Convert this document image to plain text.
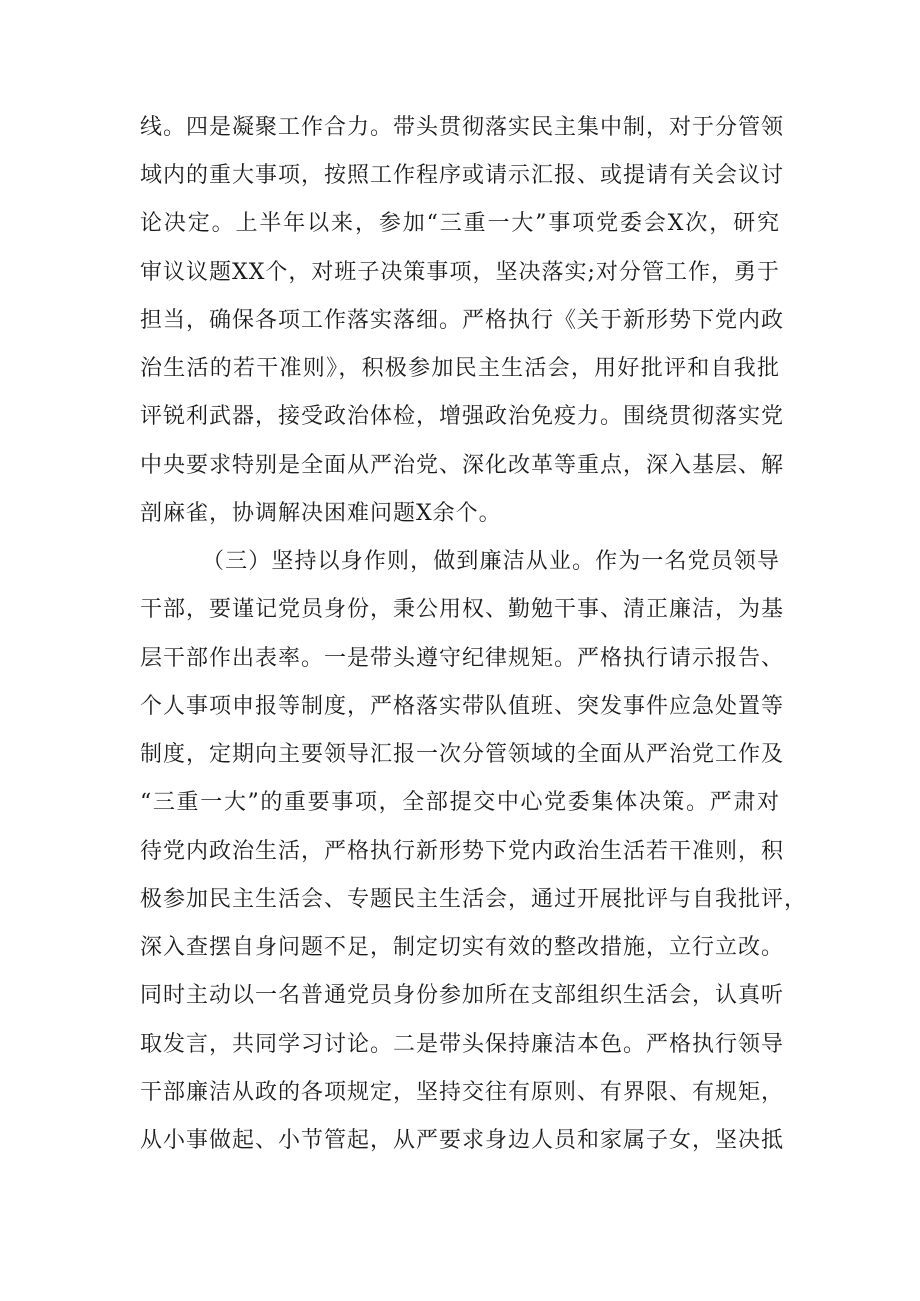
线。四是凝聚工作合力。带头贯彻落实民主集中制，对于分管领
域内的重大事项，按照工作程序或请示汇报、或提请有关会议讨
论决定。上半年以来，参加“三重一大”事项党委会X次，研究
审议议题XX个，对班子决策事项，坚决落实;对分管工作，勇于
担当，确保各项工作落实落细。严格执行《关于新形势下党内政
治生活的若干准则》，积极参加民主生活会，用好批评和自我批
评锐利武器，接受政治体检，增强政治免疫力。围绕贯彻落实党
中央要求特别是全面从严治党、深化改革等重点，深入基层、解
剖麻雀，协调解决困难问题X余个。
（三）坚持以身作则，做到廉洁从业。作为一名党员领导
干部，要谨记党员身份，秉公用权、勤勉干事、清正廉洁，为基
层干部作出表率。一是带头遵守纪律规矩。严格执行请示报告、
个人事项申报等制度，严格落实带队值班、突发事件应急处置等
制度，定期向主要领导汇报一次分管领域的全面从严治党工作及
“三重一大”的重要事项，全部提交中心党委集体决策。严肃对
待党内政治生活，严格执行新形势下党内政治生活若干准则，积
极参加民主生活会、专题民主生活会，通过开展批评与自我批评，
深入查摆自身问题不足，制定切实有效的整改措施，立行立改。
同时主动以一名普通党员身份参加所在支部组织生活会，认真听
取发言，共同学习讨论。二是带头保持廉洁本色。严格执行领导
干部廉洁从政的各项规定，坚持交往有原则、有界限、有规矩，
从小事做起、小节管起，从严要求身边人员和家属子女，坚决抵
